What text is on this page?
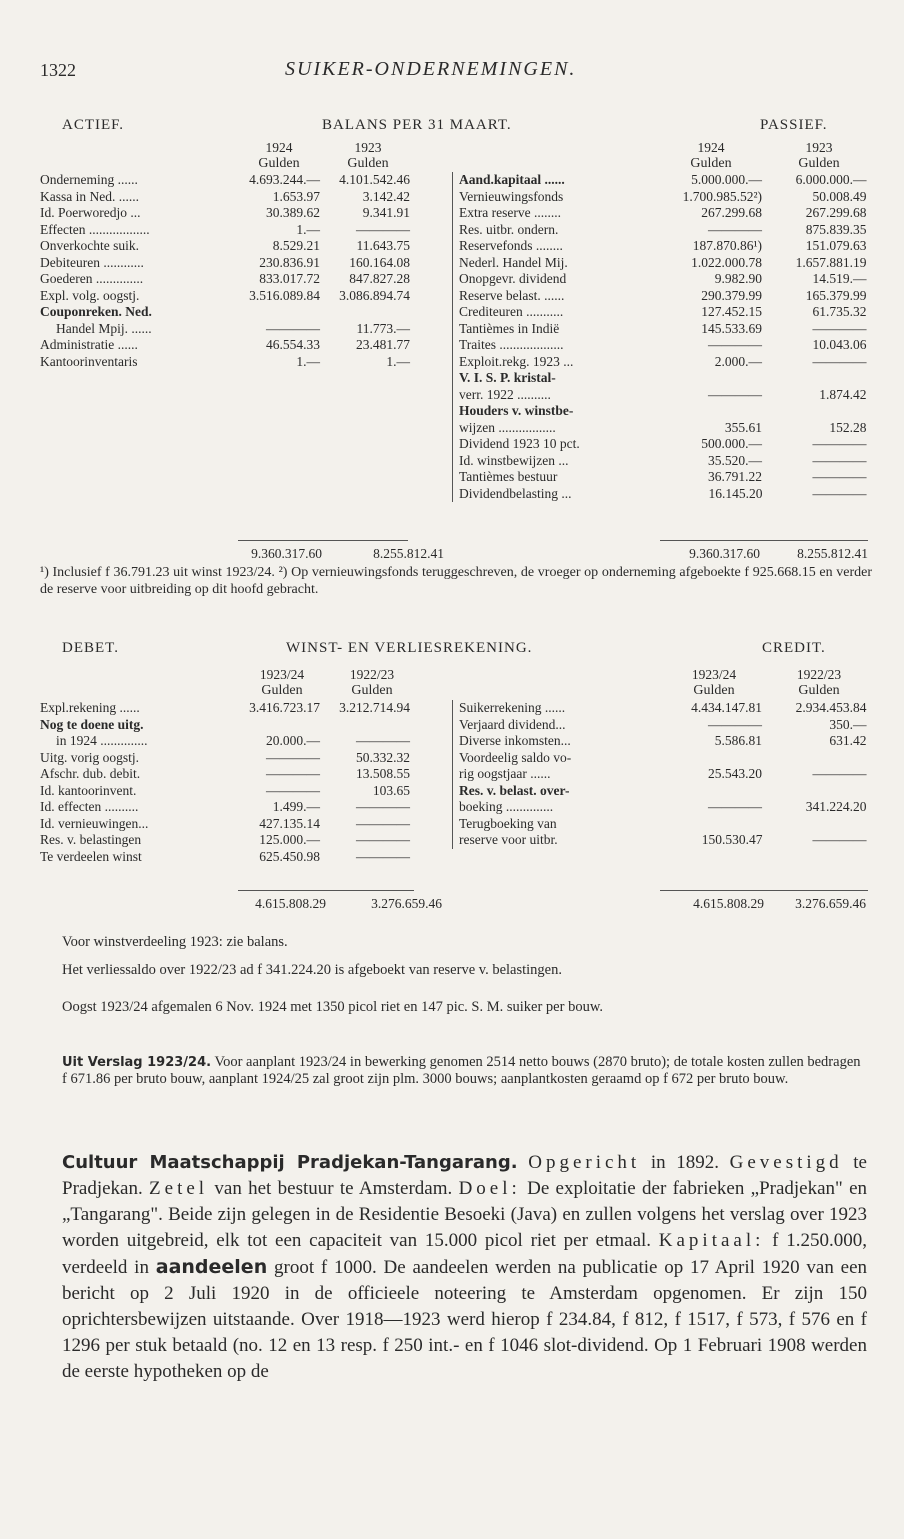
1322	SUIKER-ONDERNEMINGEN.
ACTIEF.	BALANS PER 31 MAART.	PASSIEF.
1924	1923
Gulden	Gulden
1924	1923
Gulden	Gulden
Onderneming ......	4.693.244.—	4.101.542.46
Kassa in Ned. ......	1.653.97	3.142.42
Id. Poerworedjo ...	30.389.62	9.341.91
Effecten ..................	1.—	————
Onverkochte suik.	8.529.21	11.643.75
Debiteuren ............	230.836.91	160.164.08
Goederen ..............	833.017.72	847.827.28
Expl. volg. oogstj.	3.516.089.84	3.086.894.74
Couponreken. Ned.		
Handel Mpij. ......	————	11.773.—
Administratie ......	46.554.33	23.481.77
Kantoorinventaris	1.—	1.—
Aand.kapitaal ......	5.000.000.—	6.000.000.—
Vernieuwingsfonds	1.700.985.52²)	50.008.49
Extra reserve ........	267.299.68	267.299.68
Res. uitbr. ondern.	————	875.839.35
Reservefonds ........	187.870.86¹)	151.079.63
Nederl. Handel Mij.	1.022.000.78	1.657.881.19
Onopgevr. dividend	9.982.90	14.519.—
Reserve belast. ......	290.379.99	165.379.99
Crediteuren ...........	127.452.15	61.735.32
Tantièmes in Indië	145.533.69	————
Traites ...................	————	10.043.06
Exploit.rekg. 1923 ...	2.000.—	————
V. I. S. P. kristal-		
verr. 1922 ..........	————	1.874.42
Houders v. winstbe-		
wijzen .................	355.61	152.28
Dividend 1923 10 pct.	500.000.—	————
Id. winstbewijzen ...	35.520.—	————
Tantièmes bestuur	36.791.22	————
Dividendbelasting ...	16.145.20	————
9.360.317.60	8.255.812.41	9.360.317.60	8.255.812.41
¹) Inclusief f 36.791.23 uit winst 1923/24. ²) Op vernieuwingsfonds teruggeschreven, de vroeger op onderneming afgeboekte f 925.668.15 en verder de reserve voor uitbreiding op dit hoofd gebracht.
DEBET.	WINST- EN VERLIESREKENING.	CREDIT.
1923/24	1922/23
Gulden	Gulden
1923/24	1922/23
Gulden	Gulden
Expl.rekening ......	3.416.723.17	3.212.714.94
Nog te doene uitg.		
in 1924 ..............	20.000.—	————
Uitg. vorig oogstj.	————	50.332.32
Afschr. dub. debit.	————	13.508.55
Id. kantoorinvent.	————	103.65
Id. effecten ..........	1.499.—	————
Id. vernieuwingen...	427.135.14	————
Res. v. belastingen	125.000.—	————
Te verdeelen winst	625.450.98	————
Suikerrekening ......	4.434.147.81	2.934.453.84
Verjaard dividend...	————	350.—
Diverse inkomsten...	5.586.81	631.42
Voordeelig saldo vo-		
rig oogstjaar ......	25.543.20	————
Res. v. belast. over-		
boeking ..............	————	341.224.20
Terugboeking van		
reserve voor uitbr.	150.530.47	————
4.615.808.29	3.276.659.46	4.615.808.29	3.276.659.46
Voor winstverdeeling 1923: zie balans.
Het verliessaldo over 1922/23 ad f 341.224.20 is afgeboekt van reserve v. belastingen.
Oogst 1923/24 afgemalen 6 Nov. 1924 met 1350 picol riet en 147 pic. S. M. suiker per bouw.
Uit Verslag 1923/24. Voor aanplant 1923/24 in bewerking genomen 2514 netto bouws (2870 bruto); de totale kosten zullen bedragen f 671.86 per bruto bouw, aanplant 1924/25 zal groot zijn plm. 3000 bouws; aanplantkosten geraamd op f 672 per bruto bouw.
Cultuur Maatschappij Pradjekan-Tangarang. Opgericht in 1892. Gevestigd te Pradjekan. Zetel van het bestuur te Amsterdam. Doel: De exploitatie der fabrieken „Pradjekan" en „Tangarang". Beide zijn gelegen in de Residentie Besoeki (Java) en zullen volgens het verslag over 1923 worden uitgebreid, elk tot een capaciteit van 15.000 picol riet per etmaal. Kapitaal: f 1.250.000, verdeeld in aandeelen groot f 1000. De aandeelen werden na publicatie op 17 April 1920 van een bericht op 2 Juli 1920 in de officieele noteering te Amsterdam opgenomen. Er zijn 150 oprichtersbewijzen uitstaande. Over 1918—1923 werd hierop f 234.84, f 812, f 1517, f 573, f 576 en f 1296 per stuk betaald (no. 12 en 13 resp. f 250 int.- en f 1046 slot-dividend. Op 1 Februari 1908 werden de eerste hypotheken op de
